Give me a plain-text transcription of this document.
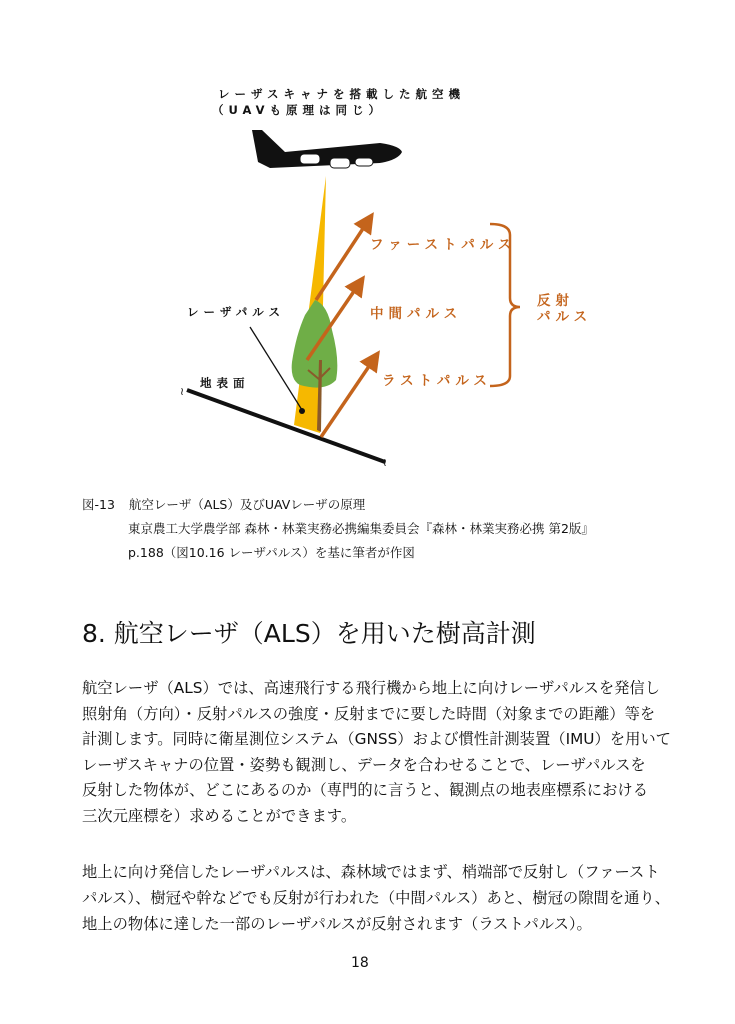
≀
≀
レーザスキャナを搭載した航空機
（UAVも原理は同じ）
ファーストパルス
中間パルス
ラストパルス
反射
パルス
レーザパルス
地表面
図-13 航空レーザ（ALS）及びUAVレーザの原理
東京農工大学農学部 森林・林業実務必携編集委員会『森林・林業実務必携 第2版』
p.188（図10.16 レーザパルス）を基に筆者が作図
8. 航空レーザ（ALS）を用いた樹高計測
航空レーザ（ALS）では、高速飛行する飛行機から地上に向けレーザパルスを発信し
照射角（方向）・反射パルスの強度・反射までに要した時間（対象までの距離）等を
計測します。同時に衛星測位システム（GNSS）および慣性計測装置（IMU）を用いて
レーザスキャナの位置・姿勢も観測し、データを合わせることで、レーザパルスを
反射した物体が、どこにあるのか（専門的に言うと、観測点の地表座標系における
三次元座標を）求めることができます。
地上に向け発信したレーザパルスは、森林域ではまず、梢端部で反射し（ファースト
パルス）、樹冠や幹などでも反射が行われた（中間パルス）あと、樹冠の隙間を通り、
地上の物体に達した一部のレーザパルスが反射されます（ラストパルス）。
18
